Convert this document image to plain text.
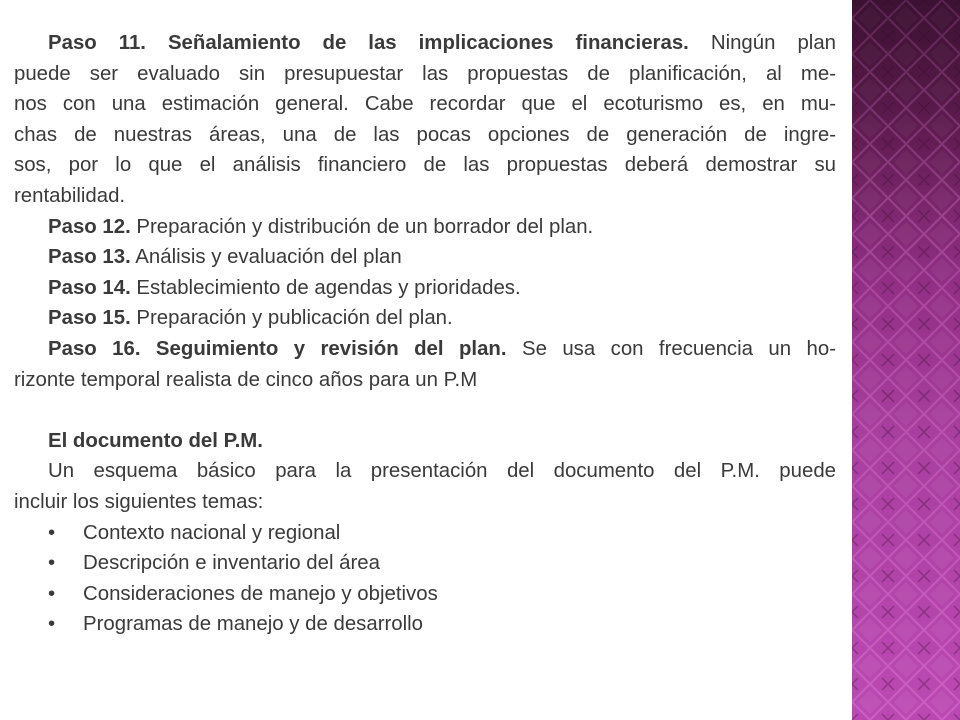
Paso 11. Señalamiento de las implicaciones financieras. Ningún plan

puede ser evaluado sin presupuestar las propuestas de planificación, al me-

nos con una estimación general. Cabe recordar que el ecoturismo es, en mu-

chas de nuestras áreas, una de las pocas opciones de generación de ingre-

sos, por lo que el análisis financiero de las propuestas deberá demostrar su

rentabilidad.

Paso 12. Preparación y distribución de un borrador del plan.

Paso 13. Análisis y evaluación del plan

Paso 14. Establecimiento de agendas y prioridades.

Paso 15. Preparación y publicación del plan.

Paso 16. Seguimiento y revisión del plan. Se usa con frecuencia un ho-

rizonte temporal realista de cinco años para un P.M

El documento del P.M.

Un esquema básico para la presentación del documento del P.M. puede

incluir los siguientes temas:

• Contexto nacional y regional
• Descripción e inventario del área
• Consideraciones de manejo y objetivos
• Programas de manejo y de desarrollo
